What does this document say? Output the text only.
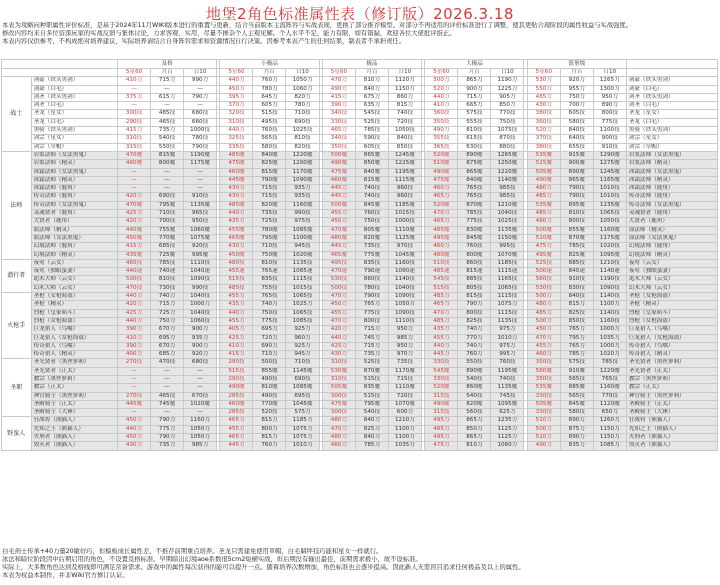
地堡2角色标准属性表（修订版）2026.3.18
本表为攻略向种职属性评价标准，是基于2024年11月WIKI版本进行的重置与更新，结合当前版本主流阵容与实战表现，更换了部分推荐模型。对部分不再适用的评价标准进行了调整，使其更贴合现阶段的属性收益与实战强度。
修改内容均来自多位资深玩家的实战反馈与集体讨论，力求客观、实用，尽量不掺杂个人主观见解。个人水平不足，能力有限，如有错漏，欢迎各位大佬批评指正。
本表内容仅供参考，不构成绝对培养建议，实际培养请结合自身阵容需求和资源情况自行决策。因参考本表产生的任何结果，制表者不承担责任。
		及格				小极品				极品				大极品				镇堡级			
		5星60	月百	日10		5星60	月百	日10		5星60	月百	日10		5星60	月百	日10		5星60	月百	日10	
战士	剑豪（铁头男剑）	410力	715力	990力		440力	760力	1050力		470力	810力	1120力		500力	865力	1190力		530力	920力	1265力	剑豪（铁头男剑）
	剑豪（白毛）	—	—	—		450力	780力	1060力		490力	840力	1150力		520力	900力	1225力		550力	955力	1300力	剑豪（白毛）
	剑圣（铁头男剑）	375力	615力	790力		395力	645力	820力		415力	675力	860力		440力	715力	905力		465力	750力	950力	剑圣（铁头男剑）
	剑圣（白毛）	—	—	—		370力	605力	780力		390力	635力	815力		410力	665力	850力		430力	700力	890力	剑圣（白毛）
	圣龙（星女）	300技	485技	680技		320技	515技	710技		340技	545技	740技		360技	575技	770技		380技	605技	800技	圣龙（星女）
	圣龙（白毛）	290技	465技	660技		310技	495技	690技		330技	525技	720技		350技	555技	750技		360技	580技	775技	圣龙（白毛）
	黑骑（铁头男剑）	415力	735力	1000技		440力	760技	1025技		465力	785技	1050技		490力	810技	1075技		520力	840技	1100技	黑骑（铁头男剑）
	剑宗（星女）	310技	540技	780技		325技	565技	810技		340技	590技	840技		355技	615技	870技		370技	640技	900技	剑宗（星女）
	剑宗（草帽）	315技	550技	790技		335技	580技	820技		350技	605技	850技		365技	630技	880技		380技	655技	910技	剑宗（草帽）
法师	岩浆法师（女法黑鬼）	470魔	815魔	1190魔		485魔	840魔	1220魔		500魔	865魔	1245魔		520魔	890魔	1265魔		535魔	915魔	1290魔	岩浆法师（女法黑鬼）
	岩浆法师（精灵）	460魔	800魔	1175魔		475魔	825魔	1200魔		490魔	850魔	1225魔		510魔	875魔	1250魔		525魔	900魔	1275魔	岩浆法师（精灵）
	冰霜法师（女法黑鬼）	—	—	—		460魔	815魔	1170魔		475魔	840魔	1195魔		490魔	865魔	1220魔		505魔	890魔	1245魔	冰霜法师（女法黑鬼）
	冰霜法师（精灵）	—	—	—		445魔	790魔	1090魔		460魔	815魔	1115魔		475魔	840魔	1140魔		490魔	865魔	1165魔	冰霜法师（精灵）
	冰霜法师（鹿角）	—	—	—		430力	715技	935力		445力	740技	960技		460力	765技	985技		480力	790技	1010技	冰霜法师（鹿角）
	传奇法师（鹿角）	420力	690技	910技		430力	715技	935技		445力	740技	960技		465力	765技	985技		485力	790技	1010技	传奇法师（鹿角）
	传奇法师（女法黑鬼）	470魔	795魔	1135魔		485魔	820魔	1160魔		500魔	845魔	1185魔		520魔	870魔	1210魔		535魔	895魔	1235魔	传奇法师（女法黑鬼）
	灵魂贤者（鹿角）	425力	710技	965技		440力	735技	990技		455力	760技	1015技		470力	785技	1040技		485力	810技	1065技	灵魂贤者（鹿角）
	大贤者（鹿角）	420力	700技	950技		435力	725技	975技		450力	750技	1000技		465力	775技	1025技		480力	800技	1050技	大贤者（鹿角）
	血法师（精灵）	440魔	755魔	1060魔		455魔	780魔	1085魔		470魔	805魔	1110魔		485魔	830魔	1135魔		500魔	855魔	1160魔	血法师（精灵）
	血法师（女法黑鬼）	450魔	770魔	1075魔		465魔	795魔	1100魔		480魔	820魔	1125魔		495魔	845魔	1150魔		510魔	870魔	1175魔	血法师（女法黑鬼）
	幻境法师（鹿角）	415力	685技	920技		430力	710技	945技		445力	735技	970技		460力	760技	995技		475力	785技	1020技	幻境法师（鹿角）
	幻境法师（精灵）	435魔	725魔	995魔		450魔	750魔	1020魔		465魔	775魔	1045魔		480魔	800魔	1070魔		495魔	825魔	1095魔	幻境法师（精灵）
潜行者	夜莺（云女）	465技	785技	1110技		480技	810技	1135技		495技	835技	1160技		510技	860技	1185技		525技	885技	1210技	夜莺（云女）
	夜莺（独眼蛮妻）	440速	740速	1040速		455速	765速	1065速		470速	790速	1090速		485速	815速	1115速		500速	840速	1140速	夜莺（独眼蛮妻）
	诡术大师（云女）	500技	810技	1090技		515技	835技	1115技		530技	860技	1140技		545技	885技	1165技		560技	910技	1190技	诡术大师（云女）
	幻术大师（云女）	470技	730技	990技		485技	755技	1015技		500技	780技	1040技		515技	805技	1065技		530技	830技	1090技	幻术大师（云女）
火枪手	圣枪（女枪海盗）	440力	740力	1040技		455力	765技	1065技		470力	790技	1090技		485力	815技	1115技		500力	840技	1140技	圣枪（女枪海盗）
	圣枪（精灵）	420力	715力	1000力		435力	740力	1025力		450力	765力	1050力		465力	790力	1075力		480力	815力	1100力	圣枪（精灵）
	烈枪（皇家萌斗）	425力	725力	1040技		440力	750技	1065技		455力	775技	1090技		470力	800技	1115技		485力	825技	1140技	烈枪（皇家萌斗）
	烈枪（女枪海盗）	440力	750力	1060技		455力	775技	1085技		470力	800技	1110技		485力	825技	1135技		500力	850技	1160技	烈枪（女枪海盗）
	巨龙猎人（鸟嘴）	390力	670力	900力		405力	695力	925力		420力	715力	950力		435力	740力	975力		450力	765力	1000力	巨龙猎人（鸟嘴）
	巨龙猎人（女枪海盗）	410力	695力	935力		425力	720力	960力		440力	745力	985力		455力	770力	1010力		470力	795力	1035力	巨龙猎人（女枪海盗）
	传奇猎人（鸟嘴）	390力	670力	900力		410力	690力	925力		425力	715力	950力		440力	740力	975力		455力	765力	1000力	传奇猎人（鸟嘴）
	传奇猎人（精灵）	400力	685力	920力		415力	710力	945力		430力	735力	970力		445力	760力	995力		460力	785力	1020力	传奇猎人（精灵）
圣职	圣光贤者（黑丝萝莉）	270技	470技	680技		290技	500技	710技		310技	525技	735技		330技	550技	760技		350技	575技	785技	圣光贤者（黑丝萝莉）
	圣光贤者（正太）	—	—	—		515技	855魔	1145魔		530魔	870魔	1170魔		545魔	890魔	1195魔		560魔	910魔	1220魔	圣光贤者（正太）
	教宗（黑丝萝莉）	—	—	—		290技	490技	690技		310技	515技	715技		330技	540技	740技		350技	565技	765技	教宗（黑丝萝莉）
	教宗（正太）	—	—	—		490魔	810魔	1085魔		505魔	835魔	1110魔		520魔	860魔	1135魔		535魔	885魔	1160魔	教宗（正太）
	神官骑士（黑丝萝莉）	270技	465技	670技		285技	490技	695技		300技	515技	720技		315技	540技	745技		330技	565技	770技	神官骑士（黑丝萝莉）
	圣殿骑士（正太）	445魔	745魔	1020魔		460魔	770魔	1045魔		475魔	795魔	1070魔		490魔	820魔	1095魔		505魔	845魔	1120魔	圣殿骑士（正太）
	圣殿骑士（大锤）	—	—	—		285技	520技	575力		300技	540技	600力		315技	560技	625力		330技	580技	650力	圣殿骑士（大锤）
野蛮人	狂战将（熊猫人）	450力	790力	1160力		465力	815力	1185力		480力	840力	1210力		495力	865力	1235力		510力	890力	1260力	狂战将（熊猫人）
	先知之王（熊猫人）	440力	775力	1050力		455力	800力	1075力		470力	825力	1100力		485力	850力	1125力		500力	875力	1150力	先知之王（熊猫人）
	火刑者（熊猫人）	450力	790力	1050力		465力	815力	1075力		480力	840力	1100力		495力	865力	1125力		510力	890力	1150力	火刑者（熊猫人）
	毁灭者（熊猫人）	430力	735力	985力		445力	760力	1010力		460力	785力	1035力		475力	810力	1060力		490力	835力	1085力	毁灭者（熊猫人）
白毛剑士传承+40力量20敏好巧，但模板成长属性差，不推荐前期重点培养。圣龙只需建免使用草帽，白毛羁绊技巧能和星女一样就行。
冰法和暗位阶段因中后期启用的角色，不设置及格标准。早期暗出幻境aoe系数很5cm2短横实战，但后期没有输出最佳，前期需求极小，故不设标准。
实际上，大多数角色达到及格线即可满足常备需求。游戏中的属性每次获得的能可以提升一点。随着培养次数增加，角色标准也会逐步提高。因此新人无需盲目追求任何极品及以上的属性。
本表为权益本制作，并非Wiki官方修订认证。
